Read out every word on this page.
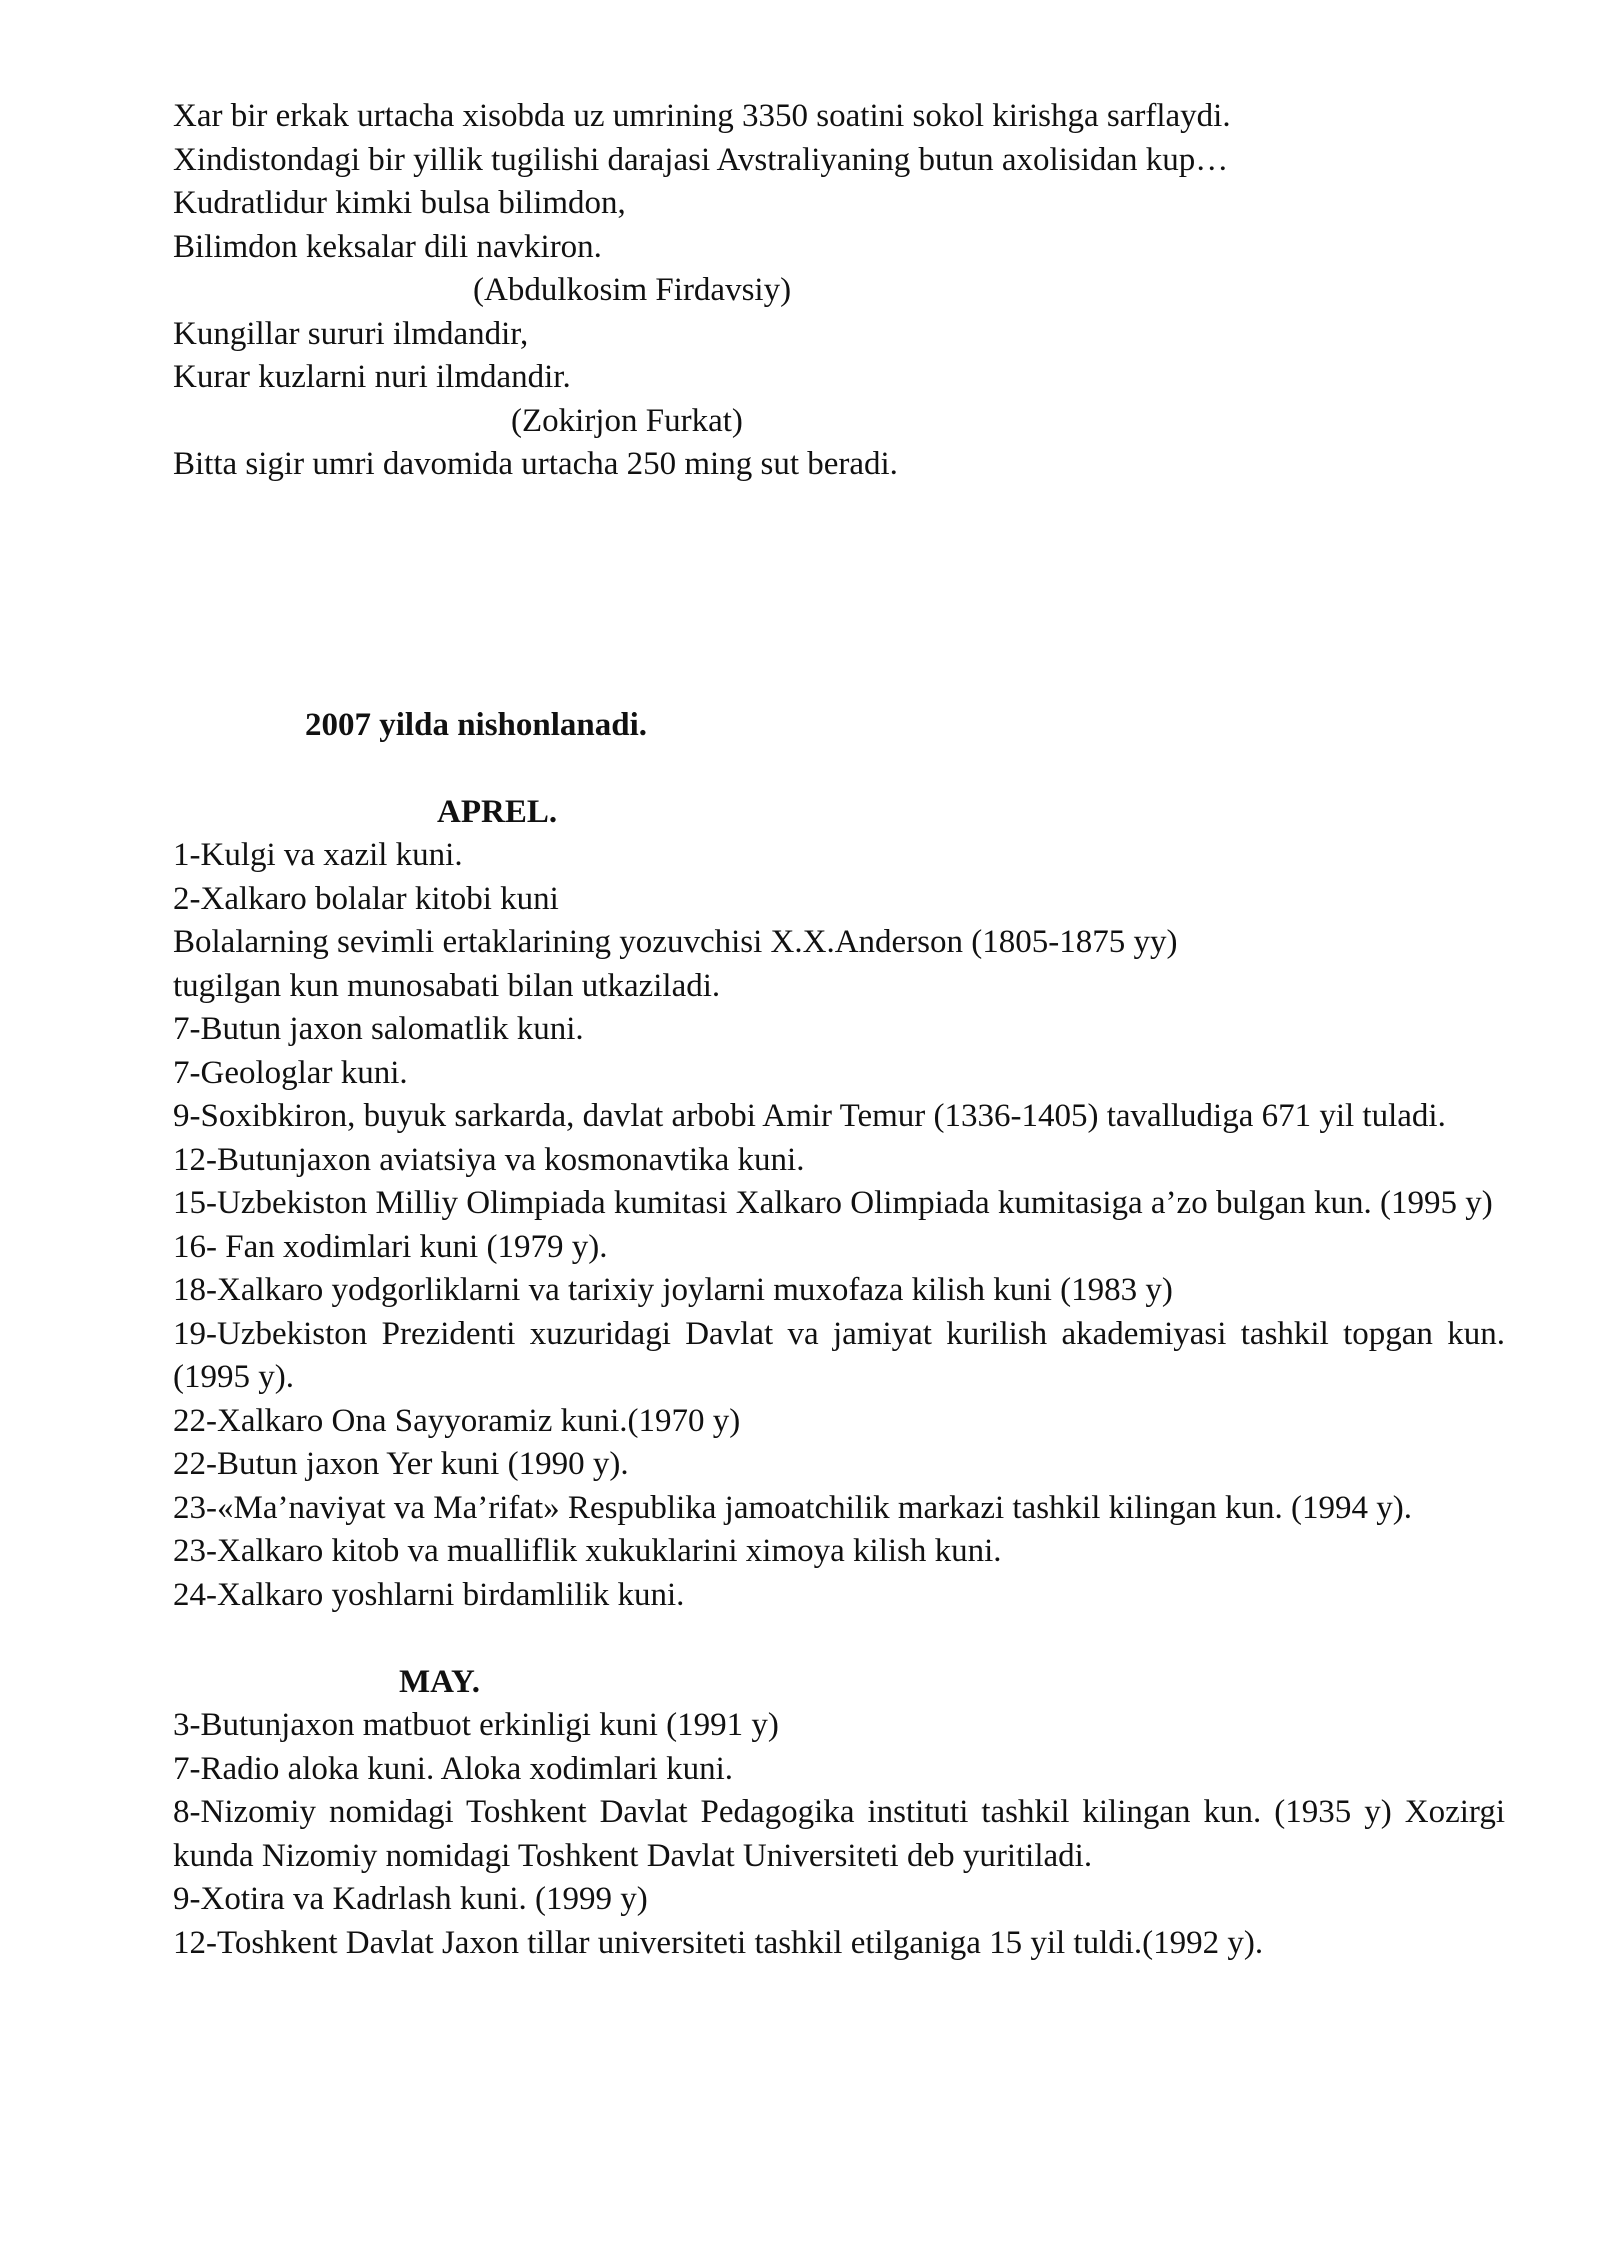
Xar bir erkak urtacha xisobda uz umrining 3350 soatini sokol kirishga sarflaydi.
Xindistondagi bir yillik tugilishi darajasi Avstraliyaning butun axolisidan kup…
Kudratlidur kimki bulsa bilimdon,
Bilimdon keksalar dili navkiron.
(Abdulkosim Firdavsiy)
Kungillar sururi ilmdandir,
Kurar kuzlarni nuri ilmdandir.
(Zokirjon Furkat)
Bitta sigir umri davomida urtacha 250 ming sut beradi.
2007 yilda nishonlanadi.
APREL.
1-Kulgi va xazil kuni.
2-Xalkaro bolalar kitobi kuni
Bolalarning sevimli ertaklarining yozuvchisi X.X.Anderson (1805-1875 yy)
tugilgan kun munosabati bilan utkaziladi.
7-Butun jaxon salomatlik kuni.
7-Geologlar kuni.
9-Soxibkiron, buyuk sarkarda, davlat arbobi Amir Temur (1336-1405) tavalludiga 671 yil tuladi.
12-Butunjaxon aviatsiya va kosmonavtika kuni.
15-Uzbekiston Milliy Olimpiada kumitasi Xalkaro Olimpiada kumitasiga a’zo bulgan kun. (1995 y)
16- Fan xodimlari kuni (1979 y).
18-Xalkaro yodgorliklarni va tarixiy joylarni muxofaza kilish kuni (1983 y)
19-Uzbekiston Prezidenti xuzuridagi Davlat va jamiyat kurilish akademiyasi tashkil topgan kun. (1995 y).
22-Xalkaro Ona Sayyoramiz kuni.(1970 y)
22-Butun jaxon Yer kuni (1990 y).
23-«Ma’naviyat va Ma’rifat» Respublika jamoatchilik markazi tashkil kilingan kun. (1994 y).
23-Xalkaro kitob va mualliflik xukuklarini ximoya kilish kuni.
24-Xalkaro yoshlarni birdamlilik kuni.
MAY.
3-Butunjaxon matbuot erkinligi kuni (1991 y)
7-Radio aloka kuni. Aloka xodimlari kuni.
8-Nizomiy nomidagi Toshkent Davlat Pedagogika instituti tashkil kilingan kun. (1935 y) Xozirgi kunda Nizomiy nomidagi Toshkent Davlat Universiteti deb yuritiladi.
9-Xotira va Kadrlash kuni. (1999 y)
12-Toshkent Davlat Jaxon tillar universiteti tashkil etilganiga 15 yil tuldi.(1992 y).
